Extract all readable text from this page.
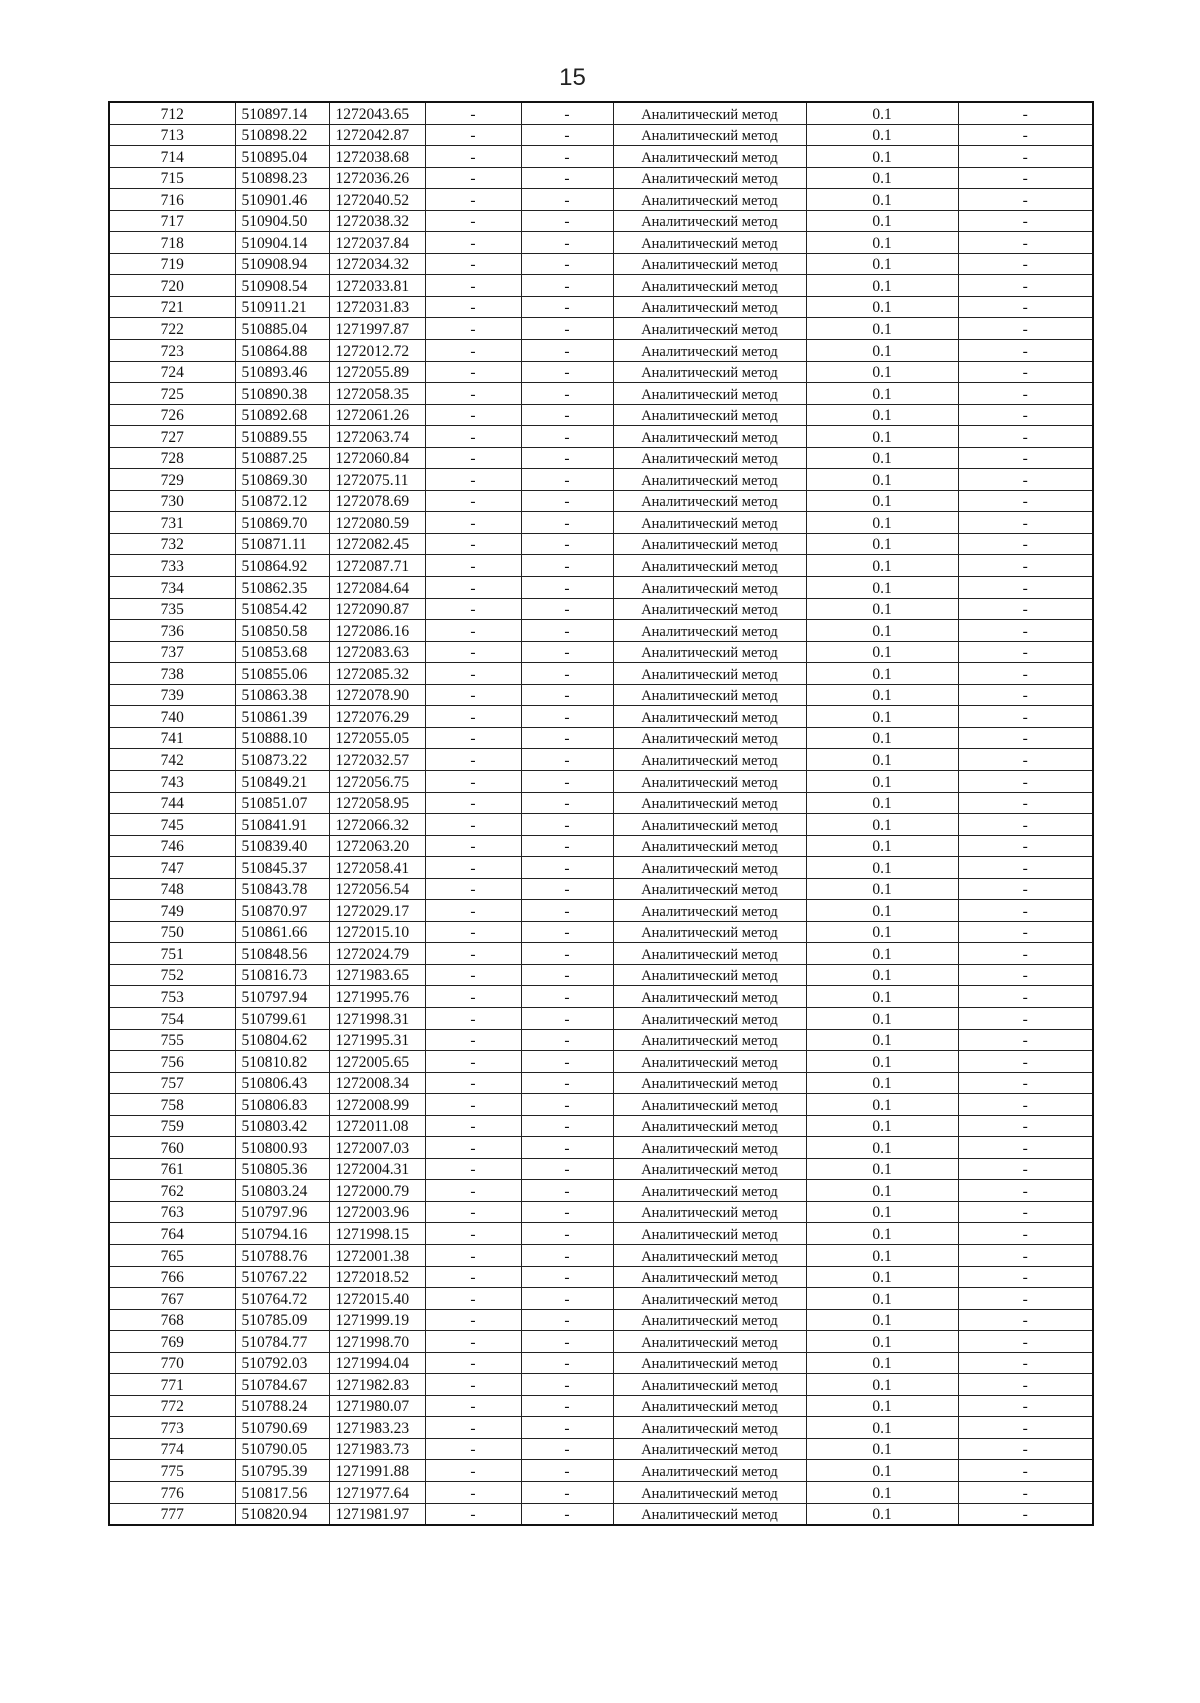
15
712	510897.14	1272043.65	-	-	Аналитический метод	0.1	-
713	510898.22	1272042.87	-	-	Аналитический метод	0.1	-
714	510895.04	1272038.68	-	-	Аналитический метод	0.1	-
715	510898.23	1272036.26	-	-	Аналитический метод	0.1	-
716	510901.46	1272040.52	-	-	Аналитический метод	0.1	-
717	510904.50	1272038.32	-	-	Аналитический метод	0.1	-
718	510904.14	1272037.84	-	-	Аналитический метод	0.1	-
719	510908.94	1272034.32	-	-	Аналитический метод	0.1	-
720	510908.54	1272033.81	-	-	Аналитический метод	0.1	-
721	510911.21	1272031.83	-	-	Аналитический метод	0.1	-
722	510885.04	1271997.87	-	-	Аналитический метод	0.1	-
723	510864.88	1272012.72	-	-	Аналитический метод	0.1	-
724	510893.46	1272055.89	-	-	Аналитический метод	0.1	-
725	510890.38	1272058.35	-	-	Аналитический метод	0.1	-
726	510892.68	1272061.26	-	-	Аналитический метод	0.1	-
727	510889.55	1272063.74	-	-	Аналитический метод	0.1	-
728	510887.25	1272060.84	-	-	Аналитический метод	0.1	-
729	510869.30	1272075.11	-	-	Аналитический метод	0.1	-
730	510872.12	1272078.69	-	-	Аналитический метод	0.1	-
731	510869.70	1272080.59	-	-	Аналитический метод	0.1	-
732	510871.11	1272082.45	-	-	Аналитический метод	0.1	-
733	510864.92	1272087.71	-	-	Аналитический метод	0.1	-
734	510862.35	1272084.64	-	-	Аналитический метод	0.1	-
735	510854.42	1272090.87	-	-	Аналитический метод	0.1	-
736	510850.58	1272086.16	-	-	Аналитический метод	0.1	-
737	510853.68	1272083.63	-	-	Аналитический метод	0.1	-
738	510855.06	1272085.32	-	-	Аналитический метод	0.1	-
739	510863.38	1272078.90	-	-	Аналитический метод	0.1	-
740	510861.39	1272076.29	-	-	Аналитический метод	0.1	-
741	510888.10	1272055.05	-	-	Аналитический метод	0.1	-
742	510873.22	1272032.57	-	-	Аналитический метод	0.1	-
743	510849.21	1272056.75	-	-	Аналитический метод	0.1	-
744	510851.07	1272058.95	-	-	Аналитический метод	0.1	-
745	510841.91	1272066.32	-	-	Аналитический метод	0.1	-
746	510839.40	1272063.20	-	-	Аналитический метод	0.1	-
747	510845.37	1272058.41	-	-	Аналитический метод	0.1	-
748	510843.78	1272056.54	-	-	Аналитический метод	0.1	-
749	510870.97	1272029.17	-	-	Аналитический метод	0.1	-
750	510861.66	1272015.10	-	-	Аналитический метод	0.1	-
751	510848.56	1272024.79	-	-	Аналитический метод	0.1	-
752	510816.73	1271983.65	-	-	Аналитический метод	0.1	-
753	510797.94	1271995.76	-	-	Аналитический метод	0.1	-
754	510799.61	1271998.31	-	-	Аналитический метод	0.1	-
755	510804.62	1271995.31	-	-	Аналитический метод	0.1	-
756	510810.82	1272005.65	-	-	Аналитический метод	0.1	-
757	510806.43	1272008.34	-	-	Аналитический метод	0.1	-
758	510806.83	1272008.99	-	-	Аналитический метод	0.1	-
759	510803.42	1272011.08	-	-	Аналитический метод	0.1	-
760	510800.93	1272007.03	-	-	Аналитический метод	0.1	-
761	510805.36	1272004.31	-	-	Аналитический метод	0.1	-
762	510803.24	1272000.79	-	-	Аналитический метод	0.1	-
763	510797.96	1272003.96	-	-	Аналитический метод	0.1	-
764	510794.16	1271998.15	-	-	Аналитический метод	0.1	-
765	510788.76	1272001.38	-	-	Аналитический метод	0.1	-
766	510767.22	1272018.52	-	-	Аналитический метод	0.1	-
767	510764.72	1272015.40	-	-	Аналитический метод	0.1	-
768	510785.09	1271999.19	-	-	Аналитический метод	0.1	-
769	510784.77	1271998.70	-	-	Аналитический метод	0.1	-
770	510792.03	1271994.04	-	-	Аналитический метод	0.1	-
771	510784.67	1271982.83	-	-	Аналитический метод	0.1	-
772	510788.24	1271980.07	-	-	Аналитический метод	0.1	-
773	510790.69	1271983.23	-	-	Аналитический метод	0.1	-
774	510790.05	1271983.73	-	-	Аналитический метод	0.1	-
775	510795.39	1271991.88	-	-	Аналитический метод	0.1	-
776	510817.56	1271977.64	-	-	Аналитический метод	0.1	-
777	510820.94	1271981.97	-	-	Аналитический метод	0.1	-
